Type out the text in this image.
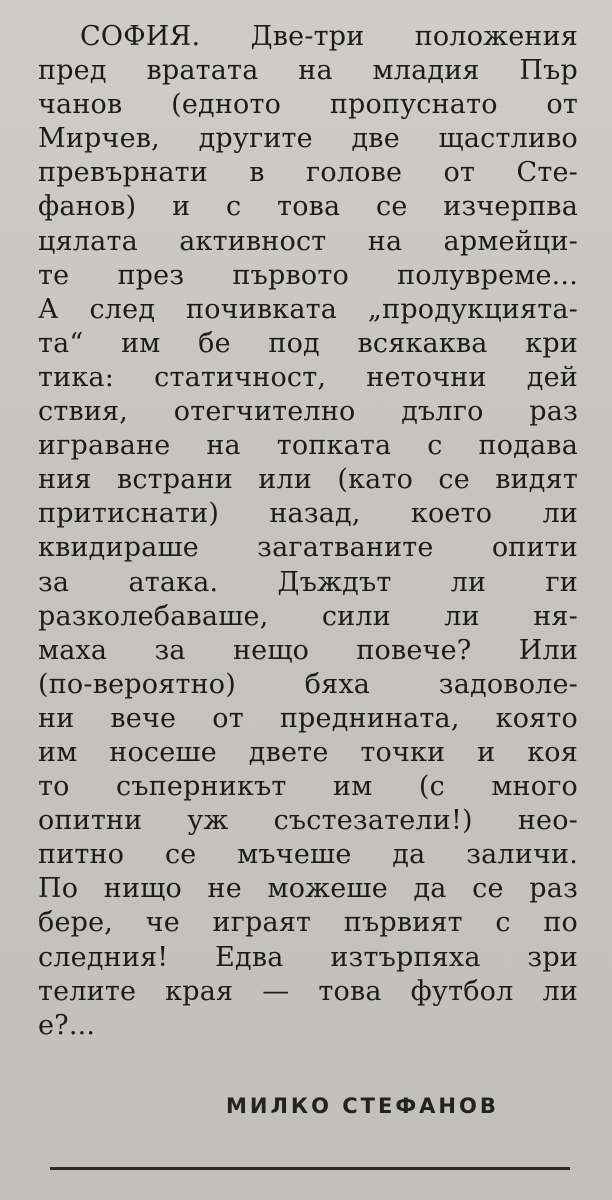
СОФИЯ. Две-три положения
пред вратата на младия Пър
чанов (едното пропуснато от
Мирчев, другите две щастливо
превърнати в голове от Сте-
фанов) и с това се изчерпва
цялата активност на армейци-
те през първото полувреме...
А след почивката „продукцията-
та“ им бе под всякаква кри
тика: статичност, неточни дей
ствия, отегчително дълго раз
играване на топката с подава
ния встрани или (като се видят
притиснати) назад, което ли
квидираше загатваните опити
за атака. Дъждът ли ги
разколебаваше, сили ли ня-
маха за нещо повече? Или
(по-вероятно) бяха задоволе-
ни вече от преднината, която
им носеше двете точки и коя
то съперникът им (с много
опитни уж състезатели!) нео-
питно се мъчеше да заличи.
По нищо не можеше да се раз
бере, че играят първият с по
следния! Едва изтърпяха зри
телите края — това футбол ли
е?...
МИЛКО СТЕФАНОВ
